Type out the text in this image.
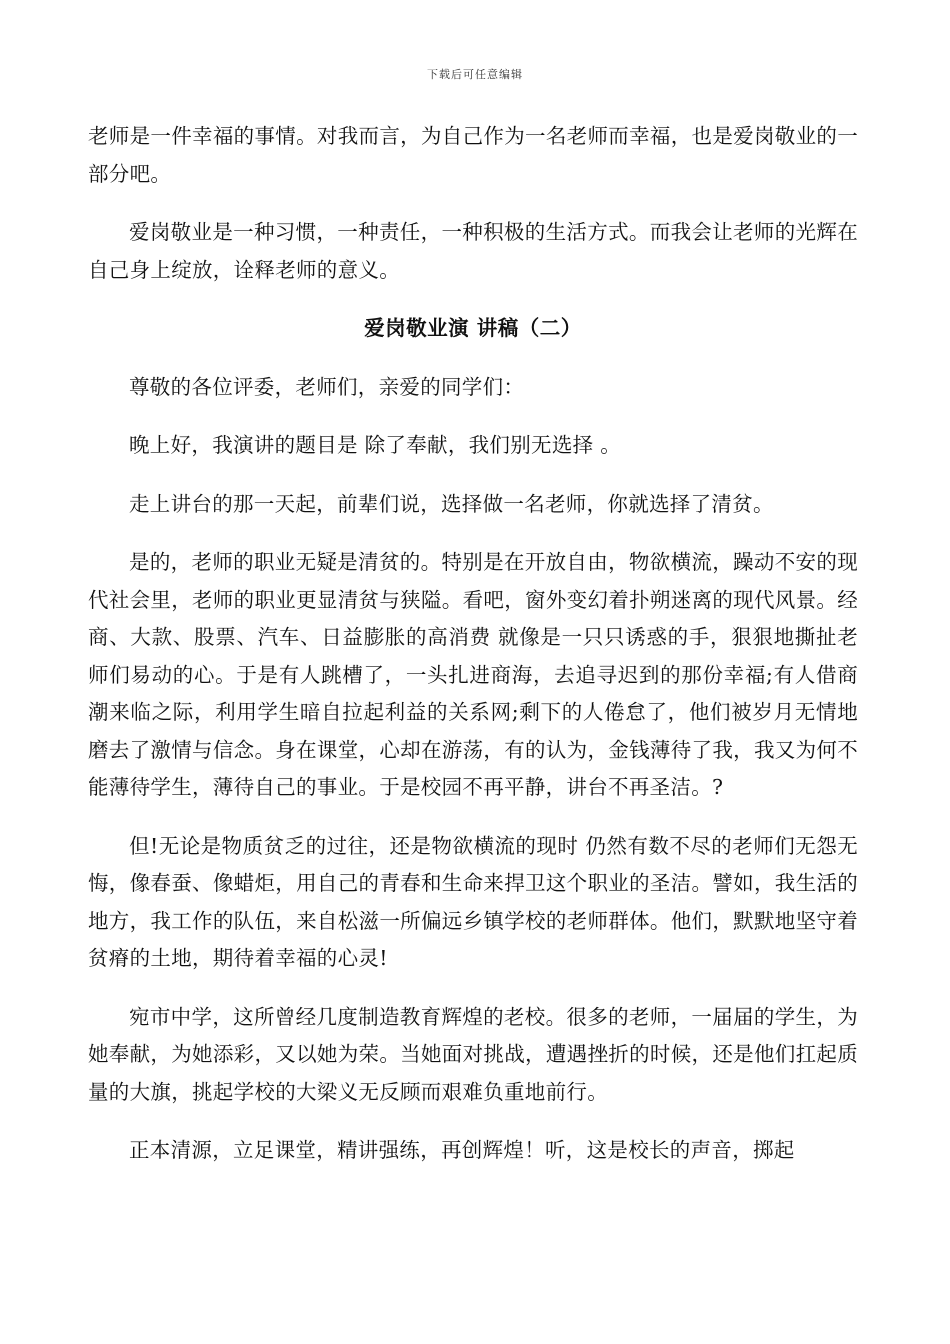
下载后可任意编辑

老师是一件幸福的事情。对我而言，为自己作为一名老师而幸福，也是爱岗敬业的一部分吧。

爱岗敬业是一种习惯，一种责任，一种积极的生活方式。而我会让老师的光辉在自己身上绽放，诠释老师的意义。

爱岗敬业演 讲稿（二）

尊敬的各位评委，老师们，亲爱的同学们：

晚上好，我演讲的题目是 除了奉献，我们别无选择 。

走上讲台的那一天起，前辈们说，选择做一名老师，你就选择了清贫。

是的，老师的职业无疑是清贫的。特别是在开放自由，物欲横流，躁动不安的现代社会里，老师的职业更显清贫与狭隘。看吧，窗外变幻着扑朔迷离的现代风景。经商、大款、股票、汽车、日益膨胀的高消费 就像是一只只诱惑的手，狠狠地撕扯老师们易动的心。于是有人跳槽了，一头扎进商海，去追寻迟到的那份幸福;有人借商潮来临之际，利用学生暗自拉起利益的关系网;剩下的人倦怠了，他们被岁月无情地磨去了激情与信念。身在课堂，心却在游荡，有的认为，金钱薄待了我，我又为何不能薄待学生，薄待自己的事业。于是校园不再平静，讲台不再圣洁。?

但!无论是物质贫乏的过往，还是物欲横流的现时 仍然有数不尽的老师们无怨无悔，像春蚕、像蜡炬，用自己的青春和生命来捍卫这个职业的圣洁。譬如，我生活的地方，我工作的队伍，来自松滋一所偏远乡镇学校的老师群体。他们，默默地坚守着贫瘠的土地，期待着幸福的心灵!

宛市中学，这所曾经几度制造教育辉煌的老校。很多的老师，一届届的学生，为她奉献，为她添彩，又以她为荣。当她面对挑战，遭遇挫折的时候，还是他们扛起质量的大旗，挑起学校的大梁义无反顾而艰难负重地前行。

正本清源，立足课堂，精讲强练，再创辉煌！听，这是校长的声音，掷起
